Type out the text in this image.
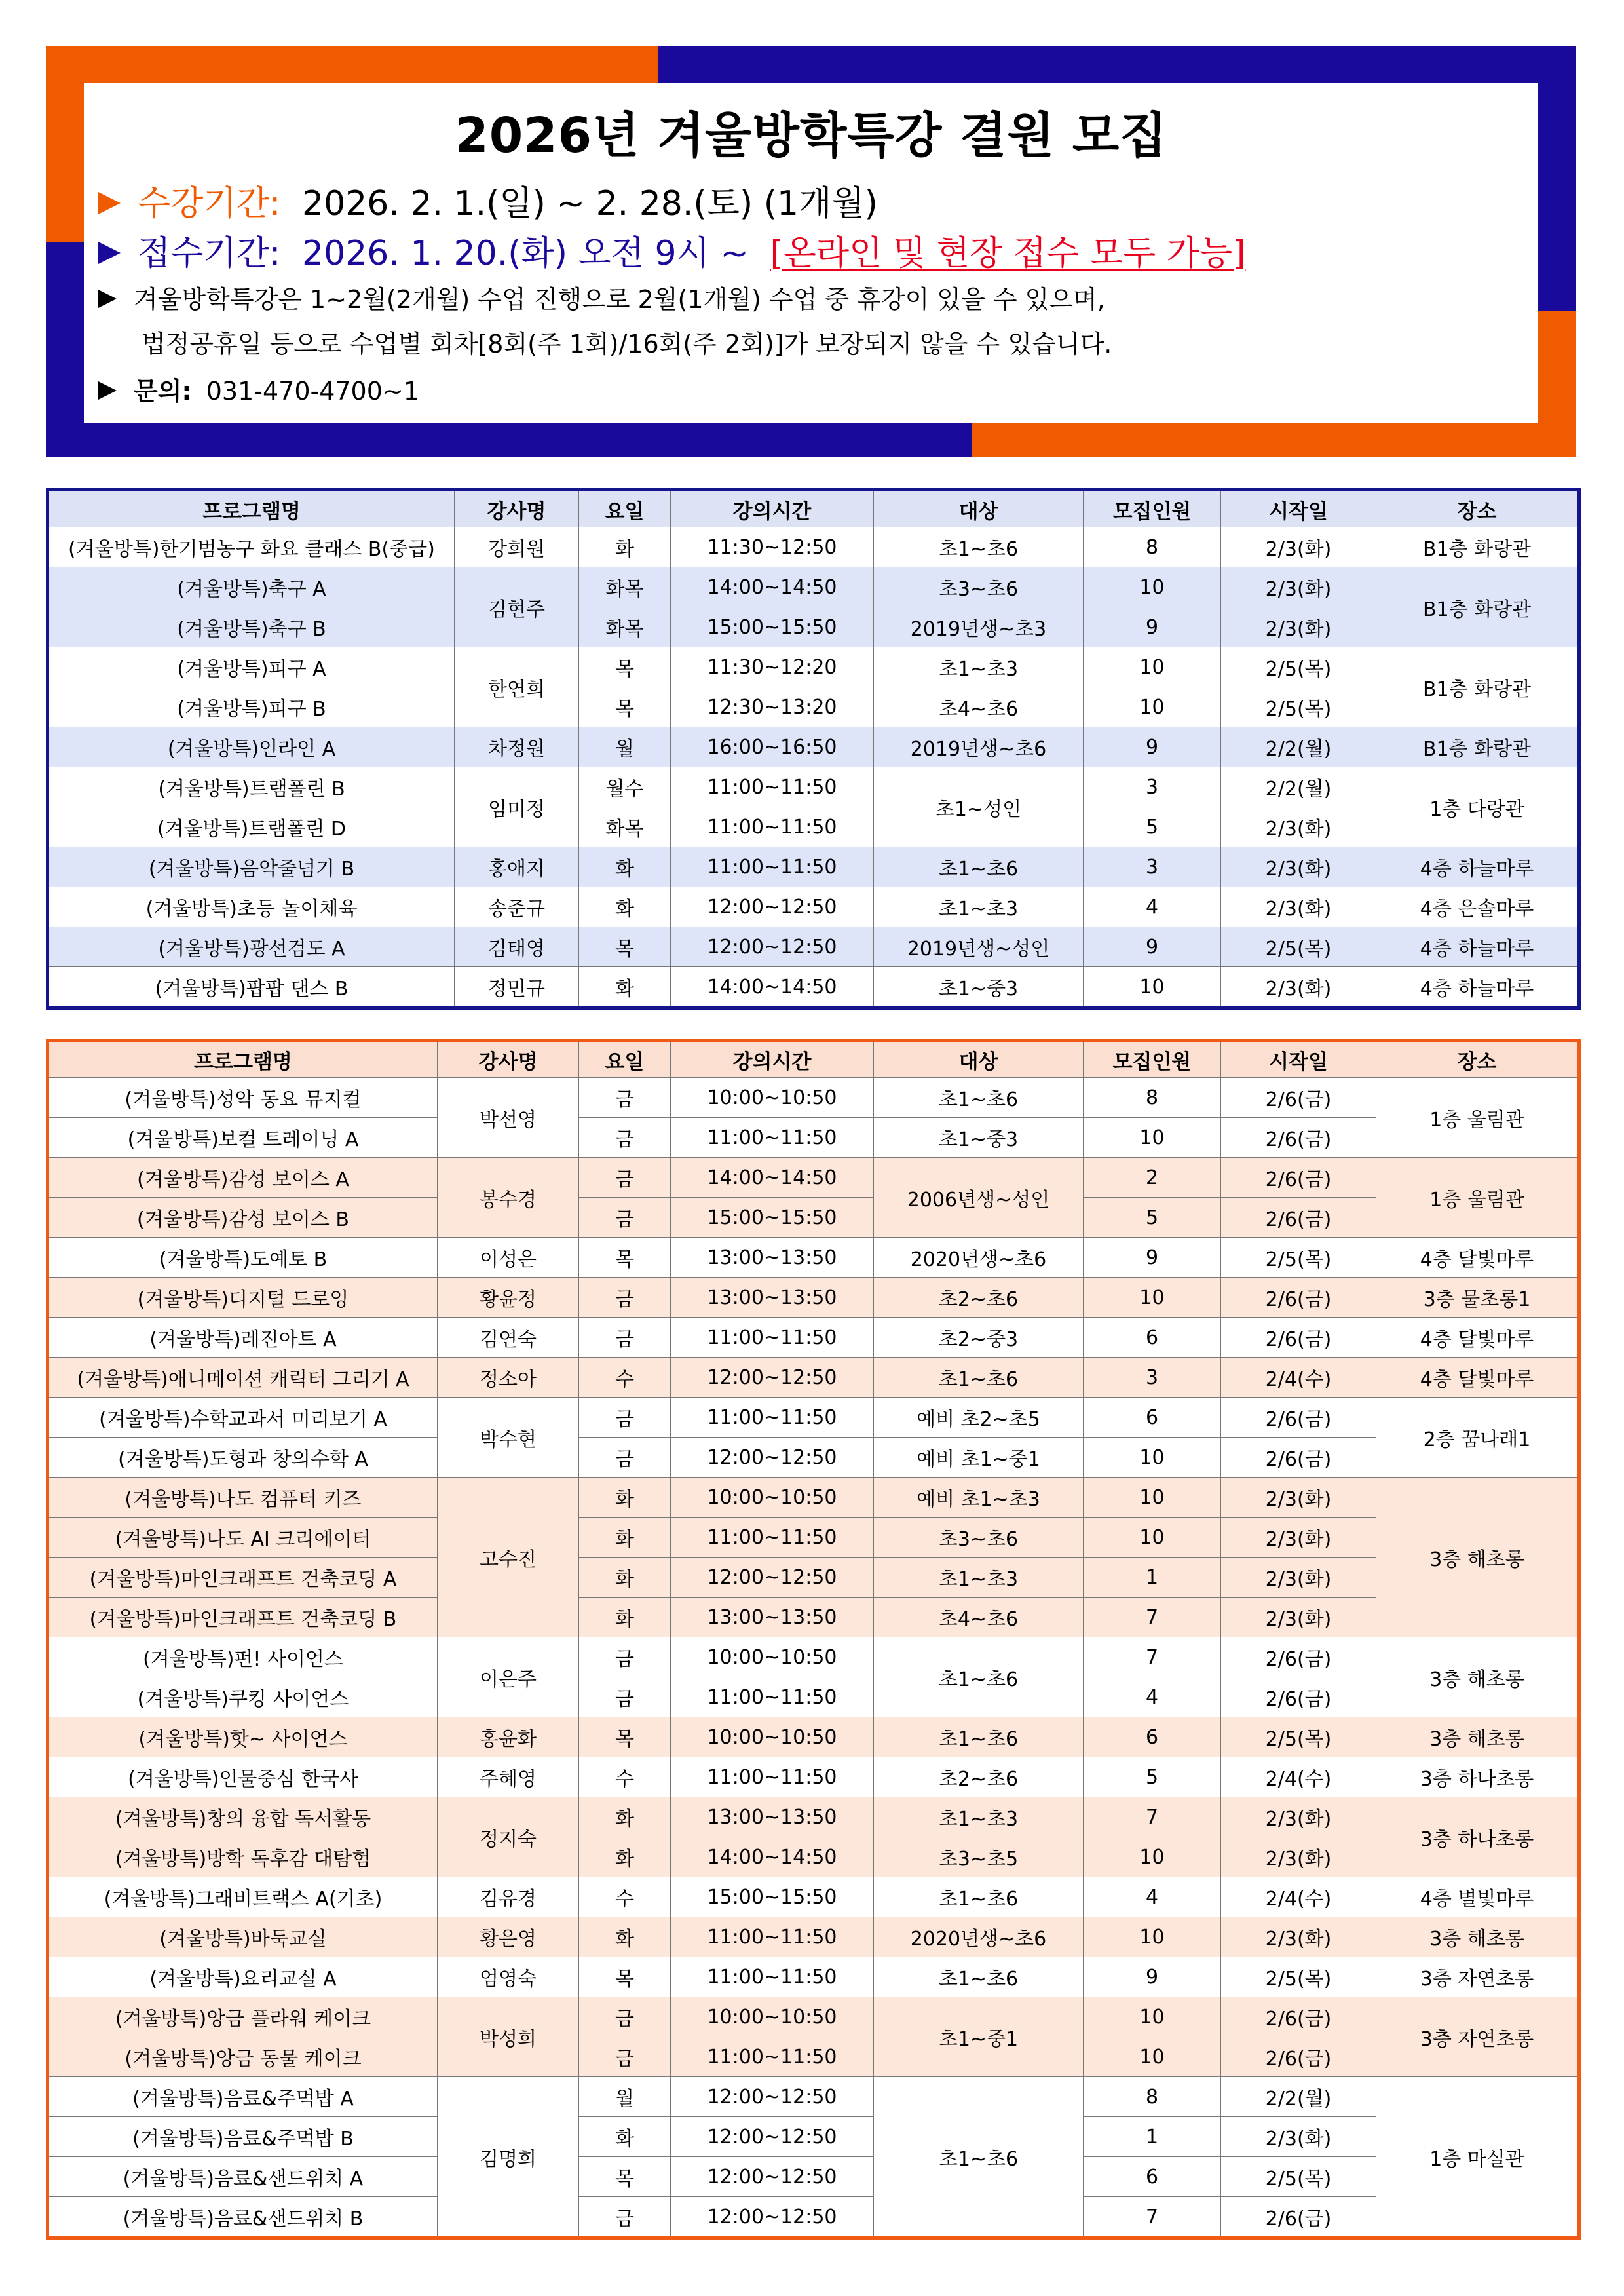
2026년 겨울방학특강 결원 모집
수강기간: 2026. 2. 1.(일) ~ 2. 28.(토) (1개월)
접수기간: 2026. 1. 20.(화) 오전 9시 ~ [온라인 및 현장 접수 모두 가능]
겨울방학특강은 1~2월(2개월) 수업 진행으로 2월(1개월) 수업 중 휴강이 있을 수 있으며,
법정공휴일 등으로 수업별 회차[8회(주 1회)/16회(주 2회)]가 보장되지 않을 수 있습니다.
문의: 031-470-4700~1
프로그램명	강사명	요일	강의시간	대상	모집인원	시작일	장소
(겨울방특)한기범농구 화요 클래스 B(중급)	강희원	화	11:30~12:50	초1~초6	8	2/3(화)	B1층 화랑관
(겨울방특)축구 A	김현주	화목	14:00~14:50	초3~초6	10	2/3(화)	B1층 화랑관
(겨울방특)축구 B		화목	15:00~15:50	2019년생~초3	9	2/3(화)	
(겨울방특)피구 A	한연희	목	11:30~12:20	초1~초3	10	2/5(목)	B1층 화랑관
(겨울방특)피구 B		목	12:30~13:20	초4~초6	10	2/5(목)	
(겨울방특)인라인 A	차정원	월	16:00~16:50	2019년생~초6	9	2/2(월)	B1층 화랑관
(겨울방특)트램폴린 B	임미정	월수	11:00~11:50	초1~성인	3	2/2(월)	1층 다랑관
(겨울방특)트램폴린 D		화목	11:00~11:50		5	2/3(화)	
(겨울방특)음악줄넘기 B	홍애지	화	11:00~11:50	초1~초6	3	2/3(화)	4층 하늘마루
(겨울방특)초등 놀이체육	송준규	화	12:00~12:50	초1~초3	4	2/3(화)	4층 은솔마루
(겨울방특)광선검도 A	김태영	목	12:00~12:50	2019년생~성인	9	2/5(목)	4층 하늘마루
(겨울방특)팝팝 댄스 B	정민규	화	14:00~14:50	초1~중3	10	2/3(화)	4층 하늘마루
프로그램명	강사명	요일	강의시간	대상	모집인원	시작일	장소
(겨울방특)성악 동요 뮤지컬	박선영	금	10:00~10:50	초1~초6	8	2/6(금)	1층 울림관
(겨울방특)보컬 트레이닝 A		금	11:00~11:50	초1~중3	10	2/6(금)	
(겨울방특)감성 보이스 A	봉수경	금	14:00~14:50	2006년생~성인	2	2/6(금)	1층 울림관
(겨울방특)감성 보이스 B		금	15:00~15:50		5	2/6(금)	
(겨울방특)도예토 B	이성은	목	13:00~13:50	2020년생~초6	9	2/5(목)	4층 달빛마루
(겨울방특)디지털 드로잉	황윤정	금	13:00~13:50	초2~초6	10	2/6(금)	3층 물초롱1
(겨울방특)레진아트 A	김연숙	금	11:00~11:50	초2~중3	6	2/6(금)	4층 달빛마루
(겨울방특)애니메이션 캐릭터 그리기 A	정소아	수	12:00~12:50	초1~초6	3	2/4(수)	4층 달빛마루
(겨울방특)수학교과서 미리보기 A	박수현	금	11:00~11:50	예비 초2~초5	6	2/6(금)	2층 꿈나래1
(겨울방특)도형과 창의수학 A		금	12:00~12:50	예비 초1~중1	10	2/6(금)	
(겨울방특)나도 컴퓨터 키즈	고수진	화	10:00~10:50	예비 초1~초3	10	2/3(화)	3층 해초롱
(겨울방특)나도 AI 크리에이터		화	11:00~11:50	초3~초6	10	2/3(화)	
(겨울방특)마인크래프트 건축코딩 A		화	12:00~12:50	초1~초3	1	2/3(화)	
(겨울방특)마인크래프트 건축코딩 B		화	13:00~13:50	초4~초6	7	2/3(화)	
(겨울방특)펀! 사이언스	이은주	금	10:00~10:50	초1~초6	7	2/6(금)	3층 해초롱
(겨울방특)쿠킹 사이언스		금	11:00~11:50		4	2/6(금)	
(겨울방특)핫~ 사이언스	홍윤화	목	10:00~10:50	초1~초6	6	2/5(목)	3층 해초롱
(겨울방특)인물중심 한국사	주혜영	수	11:00~11:50	초2~초6	5	2/4(수)	3층 하나초롱
(겨울방특)창의 융합 독서활동	정지숙	화	13:00~13:50	초1~초3	7	2/3(화)	3층 하나초롱
(겨울방특)방학 독후감 대탐험		화	14:00~14:50	초3~초5	10	2/3(화)	
(겨울방특)그래비트랙스 A(기초)	김유경	수	15:00~15:50	초1~초6	4	2/4(수)	4층 별빛마루
(겨울방특)바둑교실	황은영	화	11:00~11:50	2020년생~초6	10	2/3(화)	3층 해초롱
(겨울방특)요리교실 A	엄영숙	목	11:00~11:50	초1~초6	9	2/5(목)	3층 자연초롱
(겨울방특)앙금 플라워 케이크	박성희	금	10:00~10:50	초1~중1	10	2/6(금)	3층 자연초롱
(겨울방특)앙금 동물 케이크		금	11:00~11:50		10	2/6(금)	
(겨울방특)음료&주먹밥 A	김명희	월	12:00~12:50	초1~초6	8	2/2(월)	1층 마실관
(겨울방특)음료&주먹밥 B		화	12:00~12:50		1	2/3(화)	
(겨울방특)음료&샌드위치 A		목	12:00~12:50		6	2/5(목)	
(겨울방특)음료&샌드위치 B		금	12:00~12:50		7	2/6(금)	
